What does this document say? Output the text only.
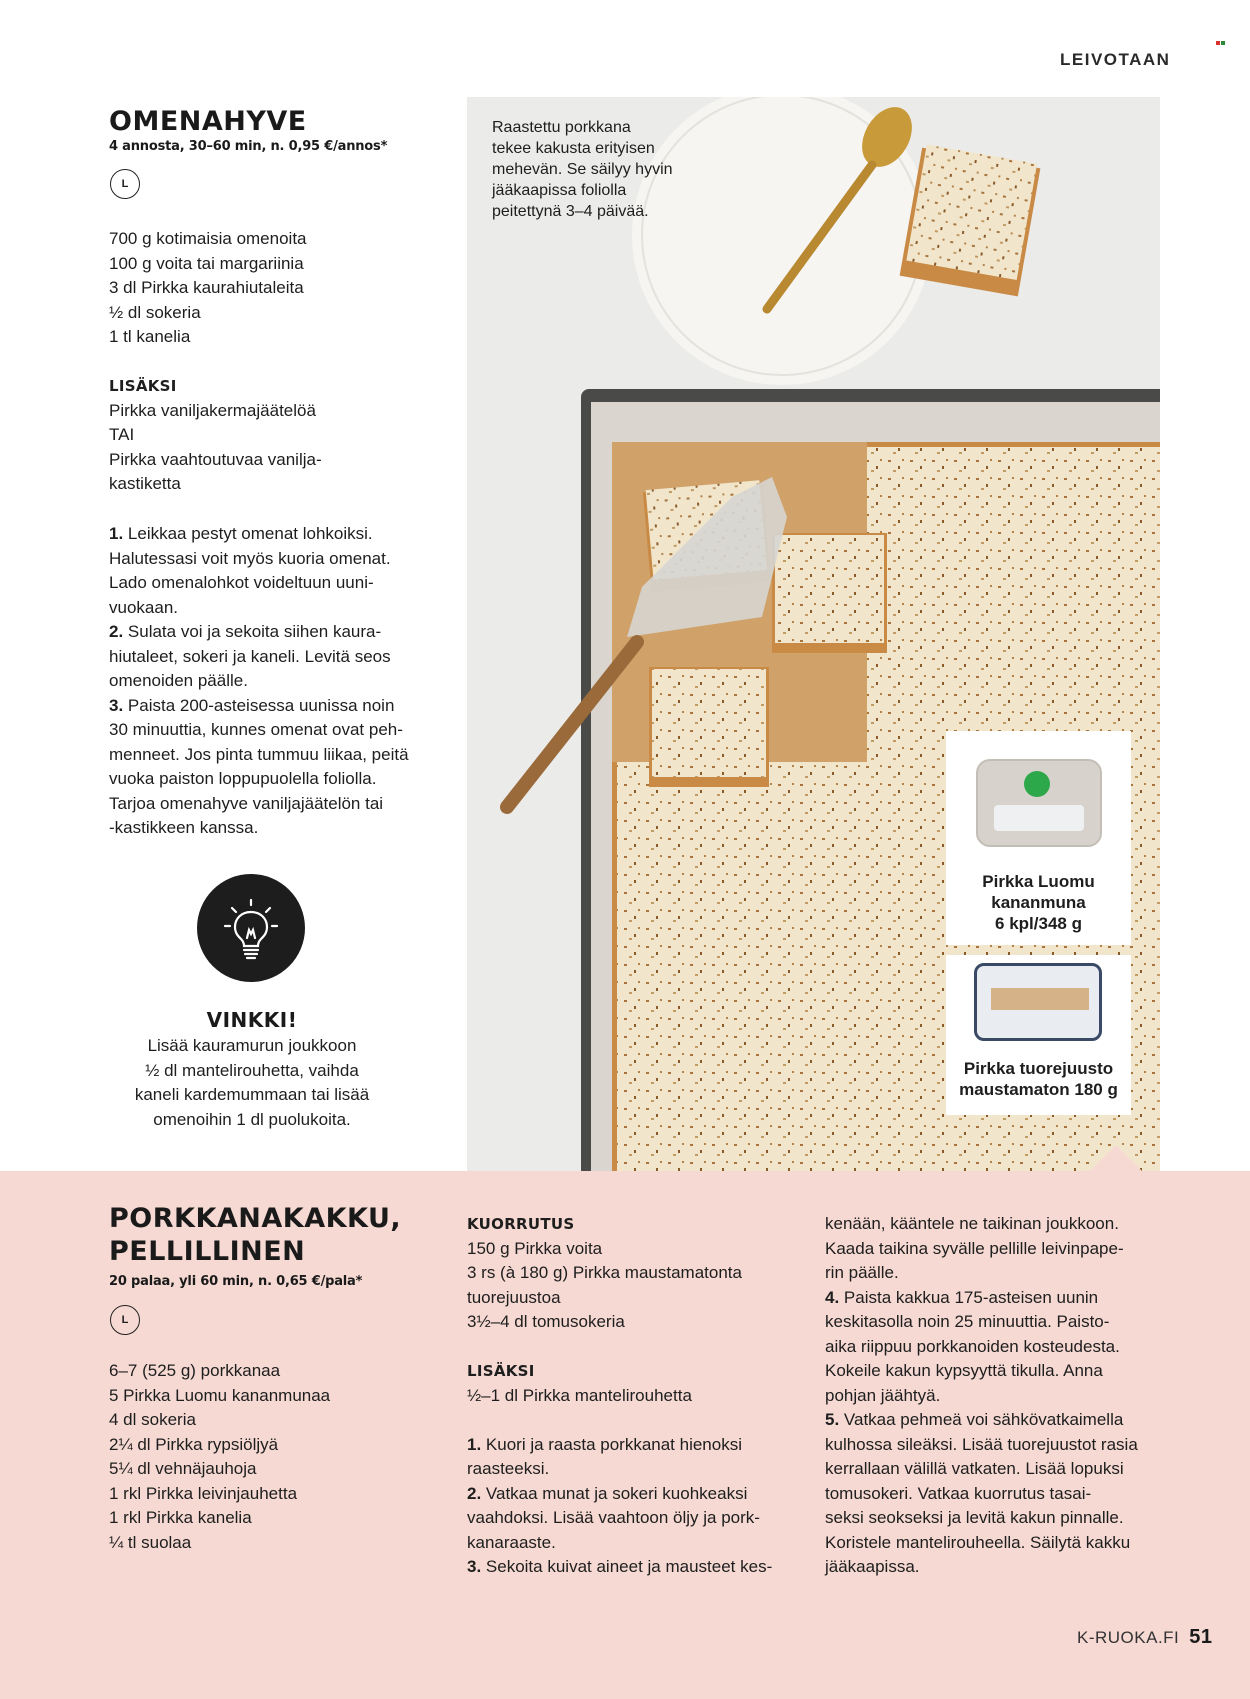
LEIVOTAAN
OMENAHYVE
4 annosta, 30–60 min, n. 0,95 €/annos*
L
700 g kotimaisia omenoita
100 g voita tai margariinia
3 dl Pirkka kaurahiutaleita
½ dl sokeria
1 tl kanelia
LISÄKSI
Pirkka vaniljakermajäätelöä
TAI
Pirkka vaahtoutuvaa vanilja-
kastiketta
1. Leikkaa pestyt omenat lohkoiksi.
Halutessasi voit myös kuoria omenat.
Lado omenalohkot voideltuun uuni-
vuokaan.
2. Sulata voi ja sekoita siihen kaura-
hiutaleet, sokeri ja kaneli. Levitä seos
omenoiden päälle.
3. Paista 200-asteisessa uunissa noin
30 minuuttia, kunnes omenat ovat peh-
menneet. Jos pinta tummuu liikaa, peitä
vuoka paiston loppupuolella foliolla.
Tarjoa omenahyve vaniljajäätelön tai
-kastikkeen kanssa.
VINKKI!
Lisää kauramurun joukkoon
½ dl mantelirouhetta, vaihda
kaneli kardemummaan tai lisää
omenoihin 1 dl puolukoita.
Raastettu porkkana
tekee kakusta erityisen
mehevän. Se säilyy hyvin
jääkaapissa foliolla
peitettynä 3–4 päivää.
Pirkka Luomu
kananmuna
6 kpl/348 g
Pirkka tuorejuusto
maustamaton 180 g
PORKKANAKAKKU,
PELLILLINEN
20 palaa, yli 60 min, n. 0,65 €/pala*
L
6–7 (525 g) porkkanaa
5 Pirkka Luomu kananmunaa
4 dl sokeria
2¼ dl Pirkka rypsiöljyä
5¼ dl vehnäjauhoja
1 rkl Pirkka leivinjauhetta
1 rkl Pirkka kanelia
¼ tl suolaa
KUORRUTUS
150 g Pirkka voita
3 rs (à 180 g) Pirkka maustamatonta
tuorejuustoa
3½–4 dl tomusokeria
LISÄKSI
½–1 dl Pirkka mantelirouhetta
1. Kuori ja raasta porkkanat hienoksi
raasteeksi.
2. Vatkaa munat ja sokeri kuohkeaksi
vaahdoksi. Lisää vaahtoon öljy ja pork-
kanaraaste.
3. Sekoita kuivat aineet ja mausteet kes-
kenään, kääntele ne taikinan joukkoon.
Kaada taikina syvälle pellille leivinpape-
rin päälle.
4. Paista kakkua 175-asteisen uunin
keskitasolla noin 25 minuuttia. Paisto-
aika riippuu porkkanoiden kosteudesta.
Kokeile kakun kypsyyttä tikulla. Anna
pohjan jäähtyä.
5. Vatkaa pehmeä voi sähkövatkaimella
kulhossa sileäksi. Lisää tuorejuustot rasia
kerrallaan välillä vatkaten. Lisää lopuksi
tomusokeri. Vatkaa kuorrutus tasai-
seksi seokseksi ja levitä kakun pinnalle.
Koristele mantelirouheella. Säilytä kakku
jääkaapissa.
K-RUOKA.FI 51
